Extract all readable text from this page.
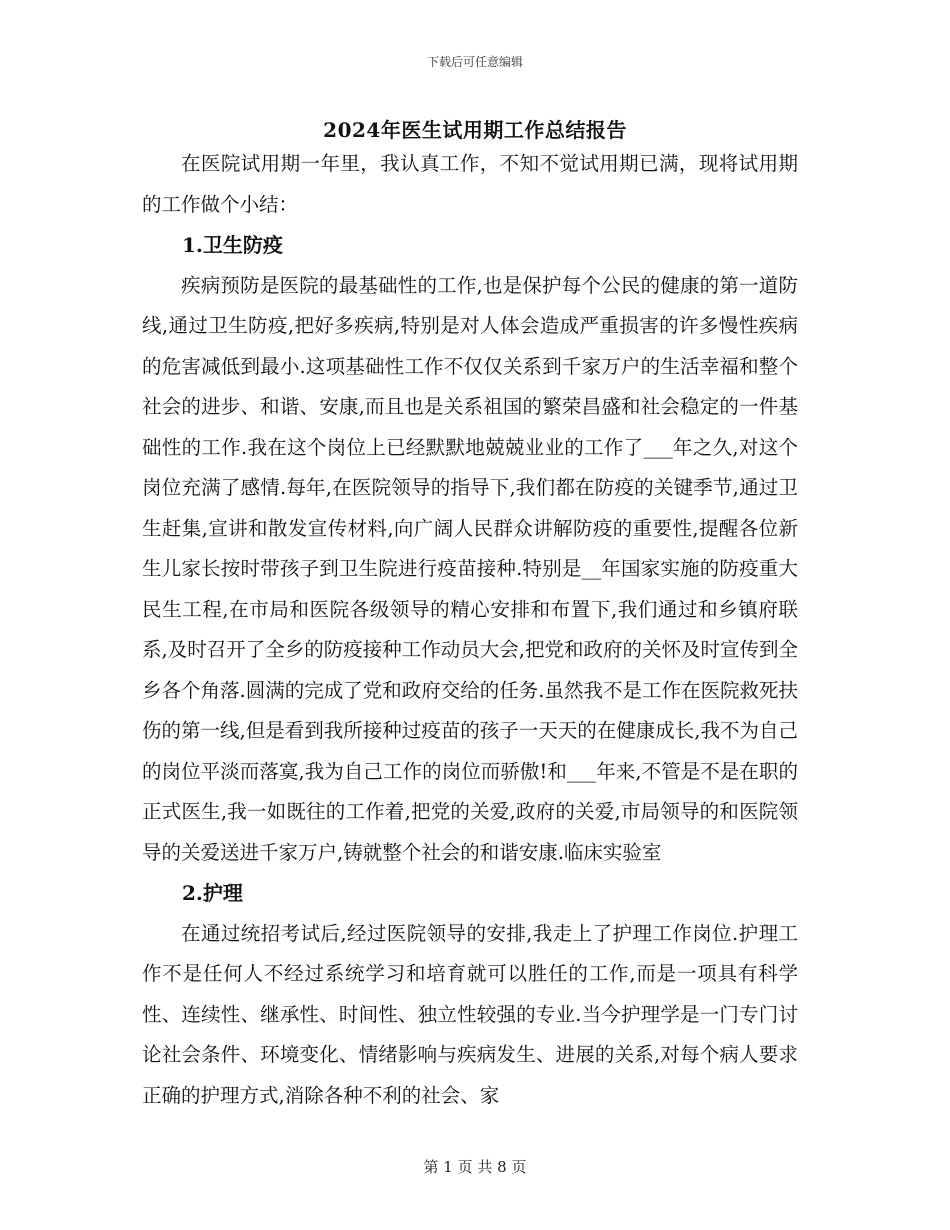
下载后可任意编辑
2024年医生试用期工作总结报告

在医院试用期一年里，我认真工作，不知不觉试用期已满，现将试用期的工作做个小结：

1.卫生防疫

疾病预防是医院的最基础性的工作,也是保护每个公民的健康的第一道防线,通过卫生防疫,把好多疾病,特别是对人体会造成严重损害的许多慢性疾病的危害减低到最小.这项基础性工作不仅仅关系到千家万户的生活幸福和整个社会的进步、和谐、安康,而且也是关系祖国的繁荣昌盛和社会稳定的一件基础性的工作.我在这个岗位上已经默默地兢兢业业的工作了___年之久,对这个岗位充满了感情.每年,在医院领导的指导下,我们都在防疫的关键季节,通过卫生赶集,宣讲和散发宣传材料,向广阔人民群众讲解防疫的重要性,提醒各位新生儿家长按时带孩子到卫生院进行疫苗接种.特别是__年国家实施的防疫重大民生工程,在市局和医院各级领导的精心安排和布置下,我们通过和乡镇府联系,及时召开了全乡的防疫接种工作动员大会,把党和政府的关怀及时宣传到全乡各个角落.圆满的完成了党和政府交给的任务.虽然我不是工作在医院救死扶伤的第一线,但是看到我所接种过疫苗的孩子一天天的在健康成长,我不为自己的岗位平淡而落寞,我为自己工作的岗位而骄傲!和___年来,不管是不是在职的正式医生,我一如既往的工作着,把党的关爱,政府的关爱,市局领导的和医院领导的关爱送进千家万户,铸就整个社会的和谐安康.临床实验室

2.护理

在通过统招考试后,经过医院领导的安排,我走上了护理工作岗位.护理工作不是任何人不经过系统学习和培育就可以胜任的工作,而是一项具有科学性、连续性、继承性、时间性、独立性较强的专业.当今护理学是一门专门讨论社会条件、环境变化、情绪影响与疾病发生、进展的关系,对每个病人要求正确的护理方式,消除各种不利的社会、家

第 1 页 共 8 页
